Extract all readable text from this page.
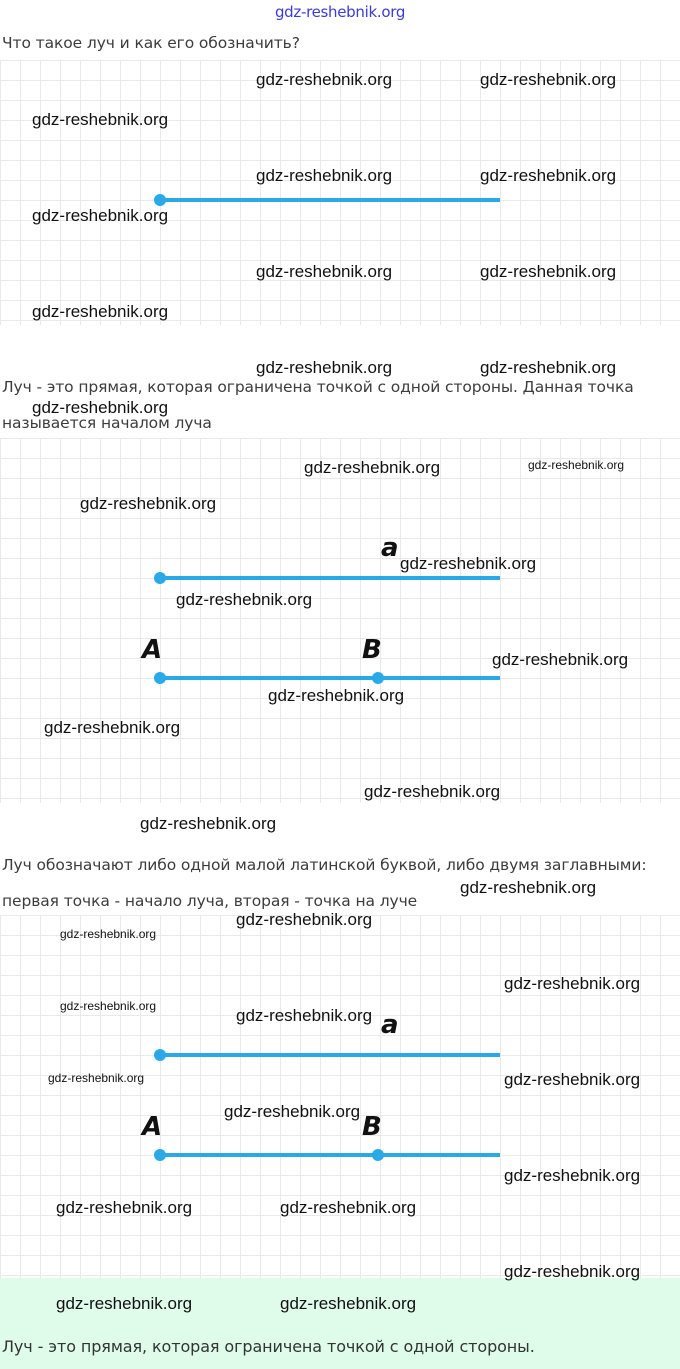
gdz-reshebnik.org
Что такое луч и как его обозначить?
Луч - это прямая, которая ограничена точкой с одной стороны. Данная точка
называется началом луча
a
A	B
Луч обозначают либо одной малой латинской буквой, либо двумя заглавными:
первая точка - начало луча, вторая - точка на луче
a
A	B
Луч - это прямая, которая ограничена точкой с одной стороны.
gdz-reshebnik.org	gdz-reshebnik.org
gdz-reshebnik.org
gdz-reshebnik.org	gdz-reshebnik.org
gdz-reshebnik.org
gdz-reshebnik.org	gdz-reshebnik.org
gdz-reshebnik.org
gdz-reshebnik.org	gdz-reshebnik.org
gdz-reshebnik.org
gdz-reshebnik.org	gdz-reshebnik.org
gdz-reshebnik.org
gdz-reshebnik.org
gdz-reshebnik.org
gdz-reshebnik.org
gdz-reshebnik.org
gdz-reshebnik.org
gdz-reshebnik.org
gdz-reshebnik.org
gdz-reshebnik.org
gdz-reshebnik.org
gdz-reshebnik.org
gdz-reshebnik.org
gdz-reshebnik.org	gdz-reshebnik.org
gdz-reshebnik.org	gdz-reshebnik.org
gdz-reshebnik.org
gdz-reshebnik.org
gdz-reshebnik.org	gdz-reshebnik.org
gdz-reshebnik.org
gdz-reshebnik.org	gdz-reshebnik.org
